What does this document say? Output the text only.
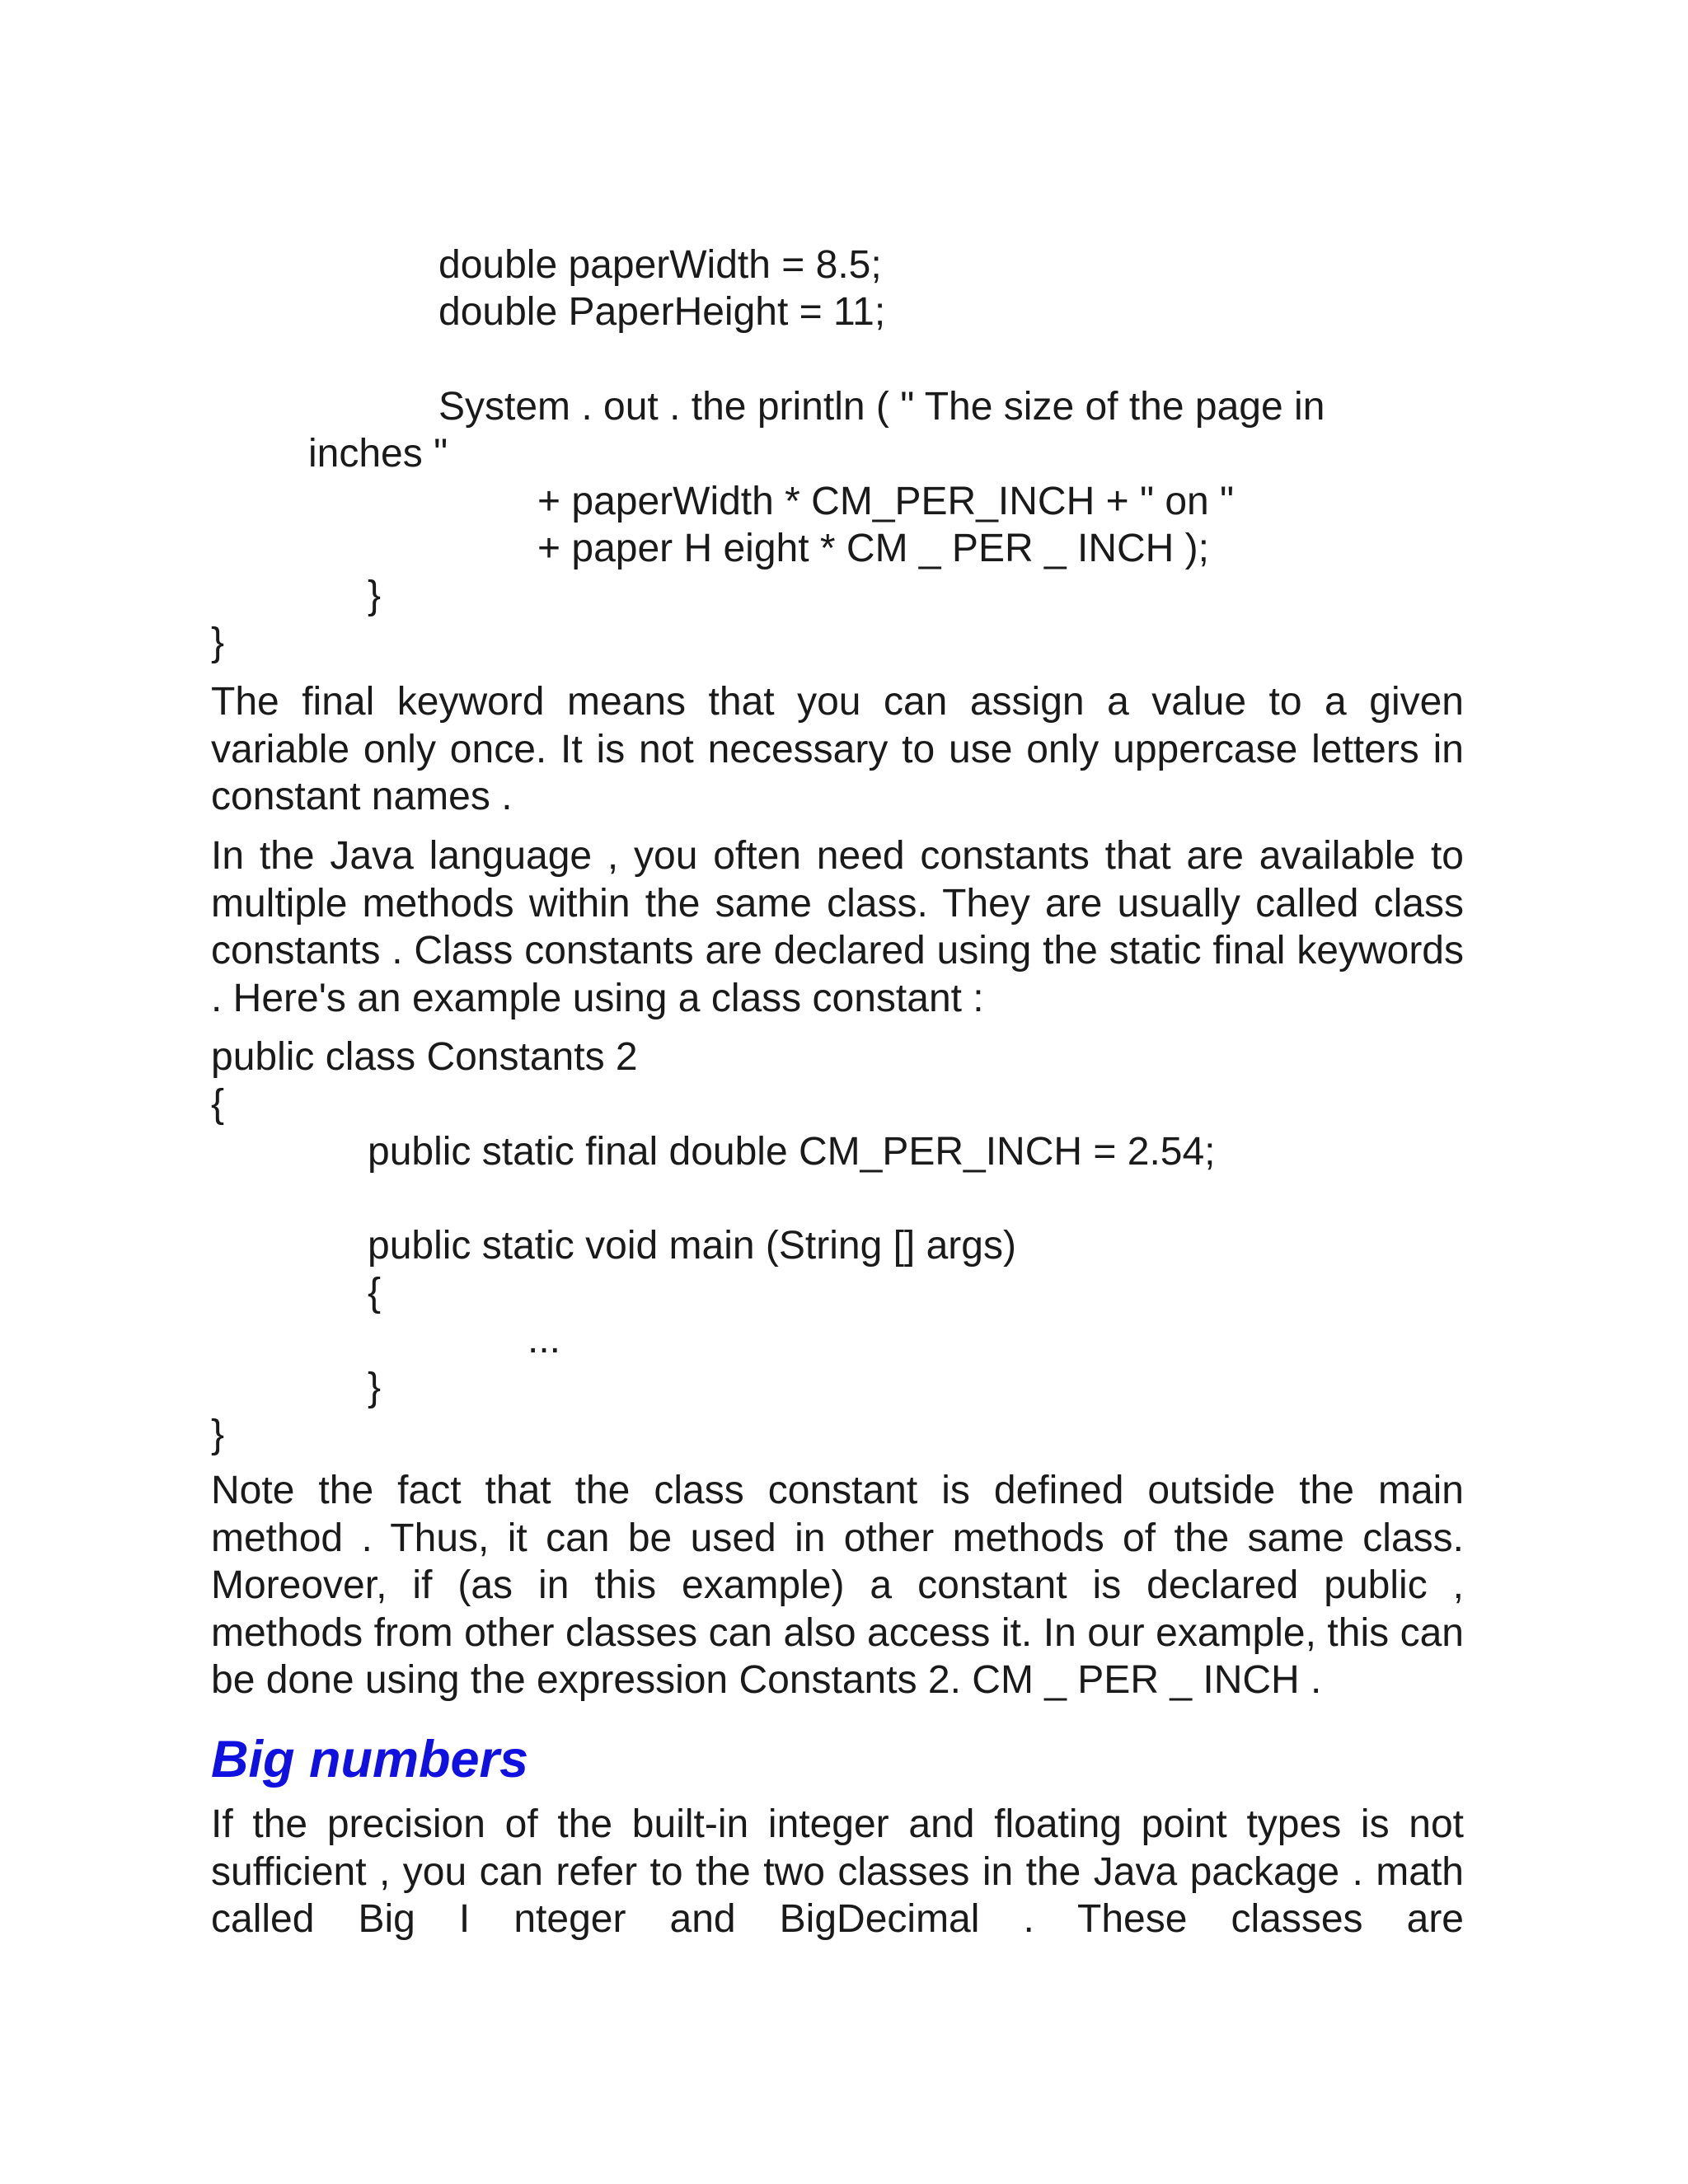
double paperWidth = 8.5;

double PaperHeight = 11;

System . out . the println ( " The size of the page in

inches "

+ paperWidth * CM_PER_INCH + " on "

+ paper H eight * CM _ PER _ INCH );

}

}

The final keyword means that you can assign a value to a given variable only once. It is not necessary to use only uppercase letters in constant names .

In the Java language , you often need constants that are available to multiple methods within the same class. They are usually called class constants . Class constants are declared using the static final keywords . Here's an example using a class constant :

public class Constants 2

{

public static final double CM_PER_INCH = 2.54;

public static void main (String [] args)

{

...

}

}

Note the fact that the class constant is defined outside the main method . Thus, it can be used in other methods of the same class. Moreover, if (as in this example) a constant is declared public , methods from other classes can also access it. In our example, this can be done using the expression Constants 2. CM _ PER _ INCH .

Big numbers

If the precision of the built-in integer and floating point types is not sufficient , you can refer to the two classes in the Java package . math called Big I nteger and BigDecimal . These classes are
